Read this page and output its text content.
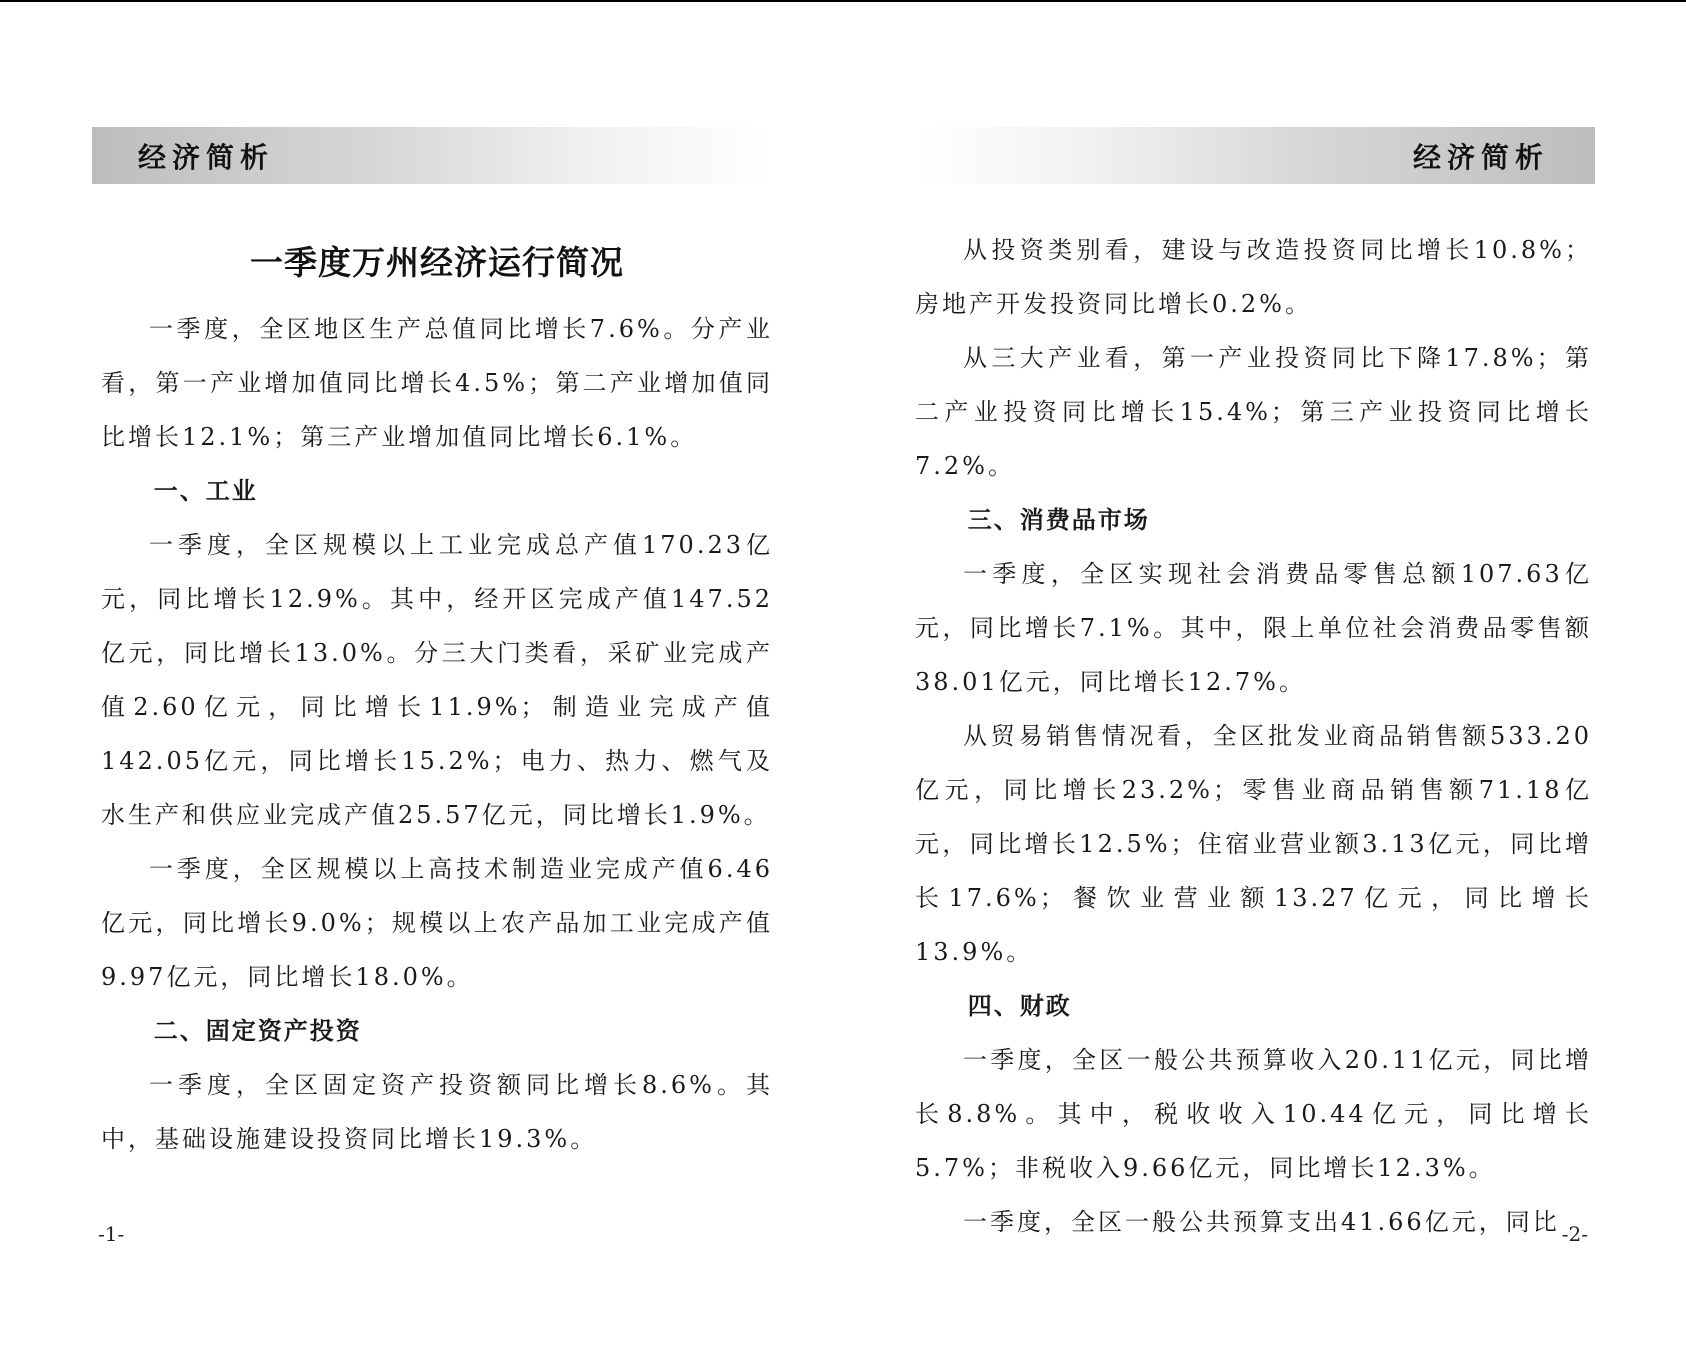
经济简析
一季度万州经济运行简况

一季度，全区地区生产总值同比增长7.6%。分产业看，第一产业增加值同比增长4.5%；第二产业增加值同比增长12.1%；第三产业增加值同比增长6.1%。

一、工业

一季度，全区规模以上工业完成总产值170.23亿元，同比增长12.9%。其中，经开区完成产值147.52亿元，同比增长13.0%。分三大门类看，采矿业完成产值2.60亿元，同比增长11.9%；制造业完成产值142.05亿元，同比增长15.2%；电力、热力、燃气及水生产和供应业完成产值25.57亿元，同比增长1.9%。

一季度，全区规模以上高技术制造业完成产值6.46亿元，同比增长9.0%；规模以上农产品加工业完成产值9.97亿元，同比增长18.0%。

二、固定资产投资

一季度，全区固定资产投资额同比增长8.6%。其中，基础设施建设投资同比增长19.3%。

-1-
经济简析

从投资类别看，建设与改造投资同比增长10.8%；房地产开发投资同比增长0.2%。

从三大产业看，第一产业投资同比下降17.8%；第二产业投资同比增长15.4%；第三产业投资同比增长7.2%。

三、消费品市场

一季度，全区实现社会消费品零售总额107.63亿元，同比增长7.1%。其中，限上单位社会消费品零售额38.01亿元，同比增长12.7%。

从贸易销售情况看，全区批发业商品销售额533.20亿元，同比增长23.2%；零售业商品销售额71.18亿元，同比增长12.5%；住宿业营业额3.13亿元，同比增长17.6%；餐饮业营业额13.27亿元，同比增长13.9%。

四、财政

一季度，全区一般公共预算收入20.11亿元，同比增长8.8%。其中，税收收入10.44亿元，同比增长5.7%；非税收入9.66亿元，同比增长12.3%。

一季度，全区一般公共预算支出41.66亿元，同比 -2-
